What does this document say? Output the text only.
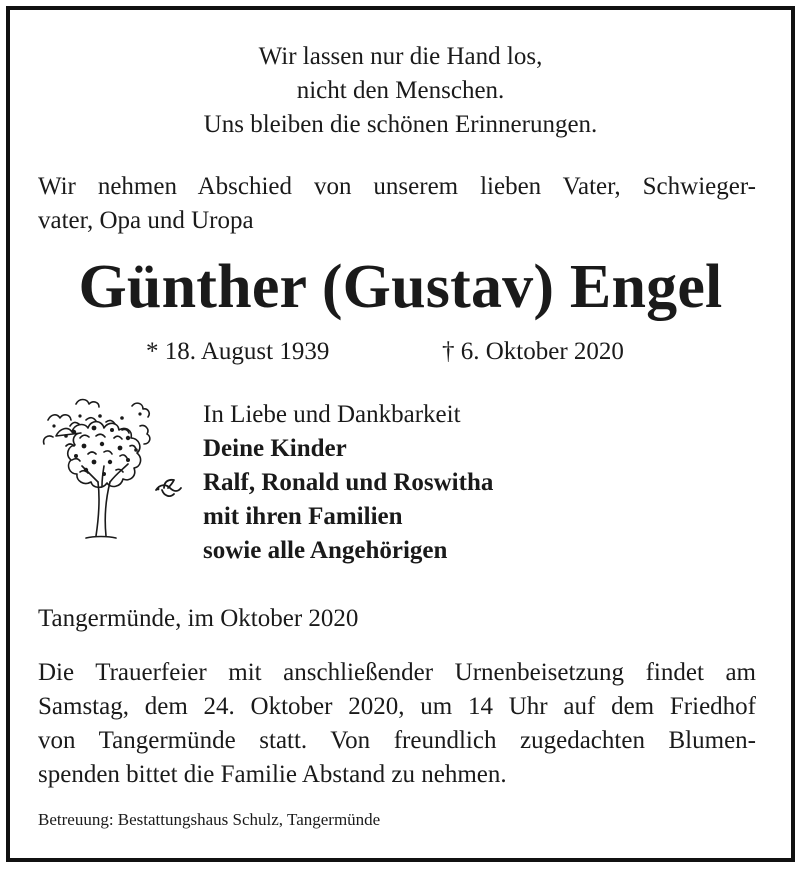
Wir lassen nur die Hand los,
nicht den Menschen.
Uns bleiben die schönen Erinnerungen.
Wir nehmen Abschied von unserem lieben Vater, Schwieger-
vater, Opa und Uropa
Günther (Gustav) Engel
* 18. August 1939	† 6. Oktober 2020
In Liebe und Dankbarkeit
Deine Kinder
Ralf, Ronald und Roswitha
mit ihren Familien
sowie alle Angehörigen
Tangermünde, im Oktober 2020
Die Trauerfeier mit anschließender Urnenbeisetzung findet am
Samstag, dem 24. Oktober 2020, um 14 Uhr auf dem Friedhof
von Tangermünde statt. Von freundlich zugedachten Blumen-
spenden bittet die Familie Abstand zu nehmen.
Betreuung: Bestattungshaus Schulz, Tangermünde
